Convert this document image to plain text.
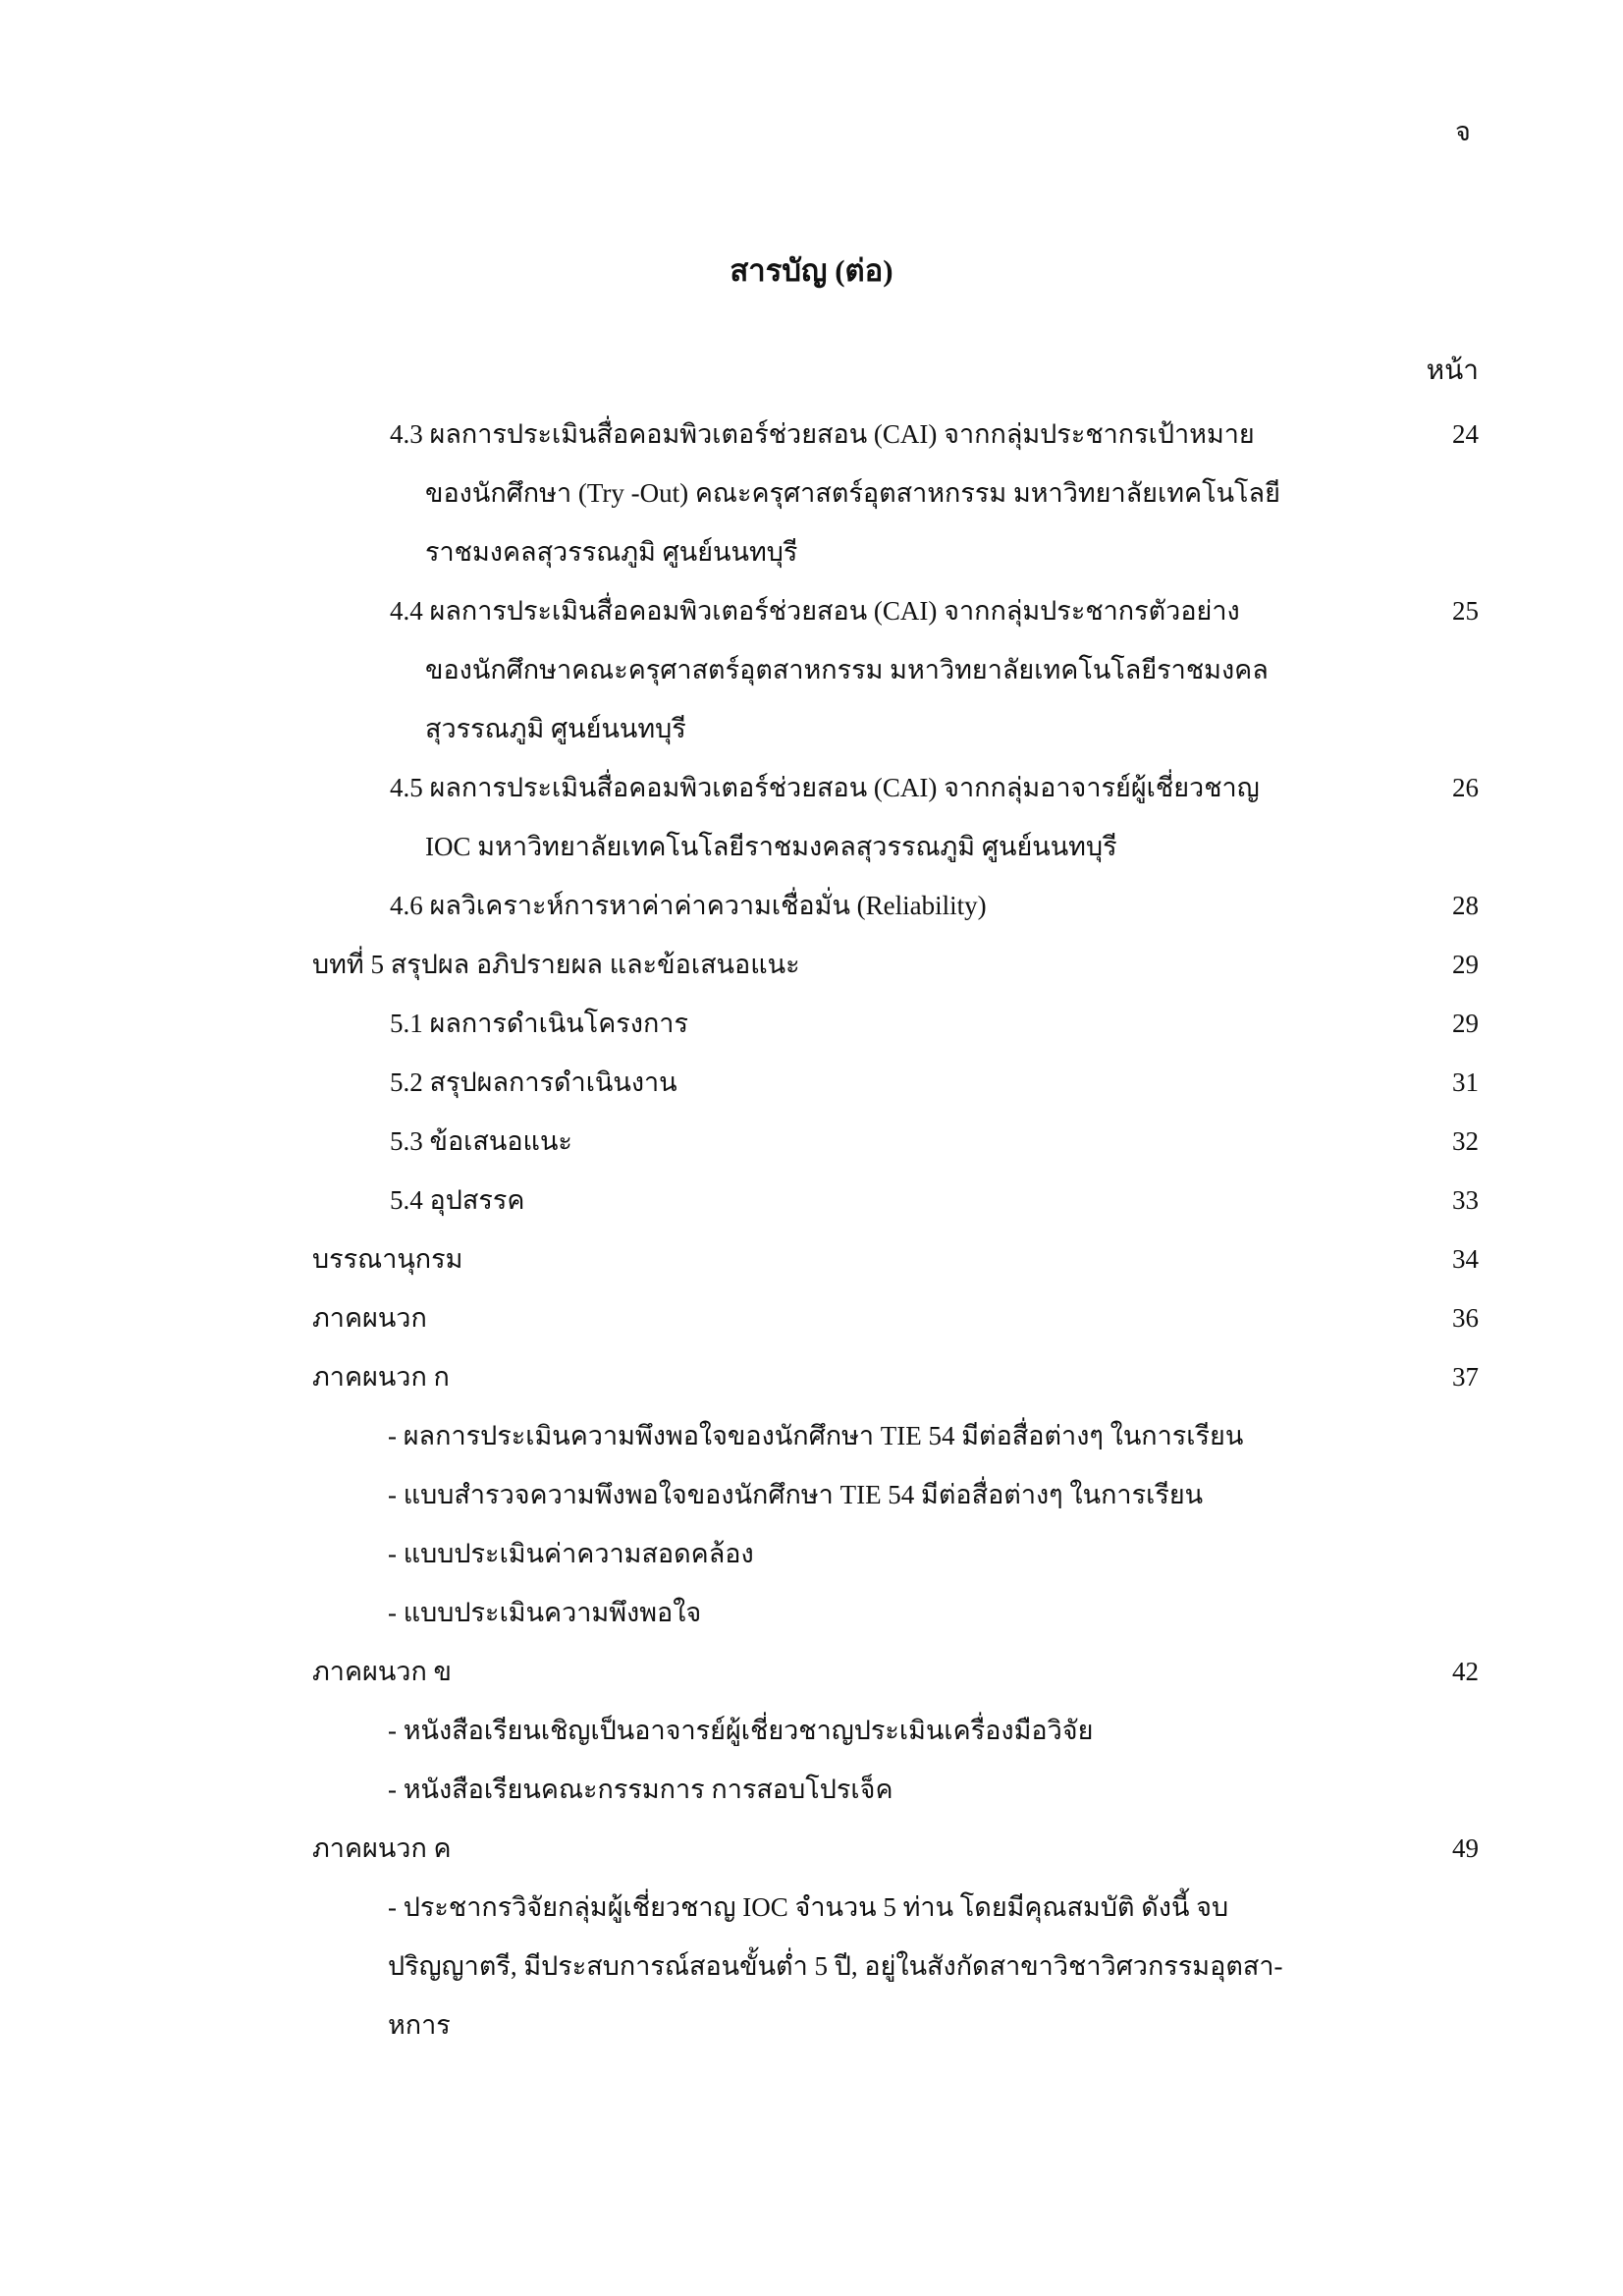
จ
สารบัญ (ต่อ)
หน้า
4.3 ผลการประเมินสื่อคอมพิวเตอร์ช่วยสอน (CAI) จากกลุ่มประชากรเป้าหมาย	24
ของนักศึกษา (Try -Out) คณะครุศาสตร์อุตสาหกรรม มหาวิทยาลัยเทคโนโลยี
ราชมงคลสุวรรณภูมิ ศูนย์นนทบุรี
4.4 ผลการประเมินสื่อคอมพิวเตอร์ช่วยสอน (CAI) จากกลุ่มประชากรตัวอย่าง	25
ของนักศึกษาคณะครุศาสตร์อุตสาหกรรม มหาวิทยาลัยเทคโนโลยีราชมงคล
สุวรรณภูมิ ศูนย์นนทบุรี
4.5 ผลการประเมินสื่อคอมพิวเตอร์ช่วยสอน (CAI) จากกลุ่มอาจารย์ผู้เชี่ยวชาญ	26
IOC มหาวิทยาลัยเทคโนโลยีราชมงคลสุวรรณภูมิ ศูนย์นนทบุรี
4.6 ผลวิเคราะห์การหาค่าค่าความเชื่อมั่น (Reliability)	28
บทที่ 5 สรุปผล อภิปรายผล และข้อเสนอแนะ	29
5.1 ผลการดำเนินโครงการ	29
5.2 สรุปผลการดำเนินงาน	31
5.3 ข้อเสนอแนะ	32
5.4 อุปสรรค	33
บรรณานุกรม	34
ภาคผนวก	36
ภาคผนวก ก	37
- ผลการประเมินความพึงพอใจของนักศึกษา TIE 54 มีต่อสื่อต่างๆ ในการเรียน
- แบบสำรวจความพึงพอใจของนักศึกษา TIE 54 มีต่อสื่อต่างๆ ในการเรียน
- แบบประเมินค่าความสอดคล้อง
- แบบประเมินความพึงพอใจ
ภาคผนวก ข	42
- หนังสือเรียนเชิญเป็นอาจารย์ผู้เชี่ยวชาญประเมินเครื่องมือวิจัย
- หนังสือเรียนคณะกรรมการ การสอบโปรเจ็ค
ภาคผนวก ค	49
- ประชากรวิจัยกลุ่มผู้เชี่ยวชาญ IOC จำนวน 5 ท่าน โดยมีคุณสมบัติ ดังนี้ จบ
ปริญญาตรี, มีประสบการณ์สอนขั้นต่ำ 5 ปี, อยู่ในสังกัดสาขาวิชาวิศวกรรมอุตสา-
หการ
